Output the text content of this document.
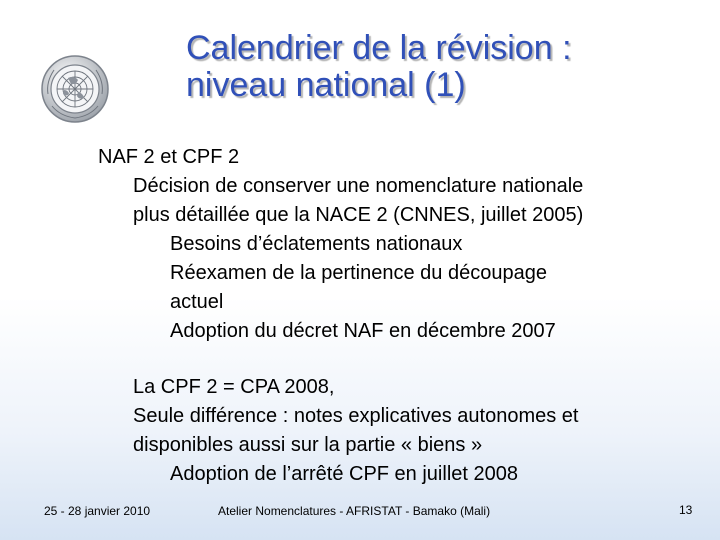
Calendrier de la révision :
niveau national (1)

NAF 2 et CPF 2

Décision de conserver une nomenclature nationale

plus détaillée que la NACE 2 (CNNES, juillet 2005)

Besoins d’éclatements nationaux

Réexamen de la pertinence du découpage

actuel

Adoption du décret NAF en décembre 2007

La CPF 2 = CPA 2008,

Seule différence : notes explicatives autonomes et

disponibles aussi sur la partie « biens »

Adoption de l’arrêté CPF en juillet 2008

25 - 28 janvier 2010	Atelier Nomenclatures - AFRISTAT - Bamako (Mali)	13
